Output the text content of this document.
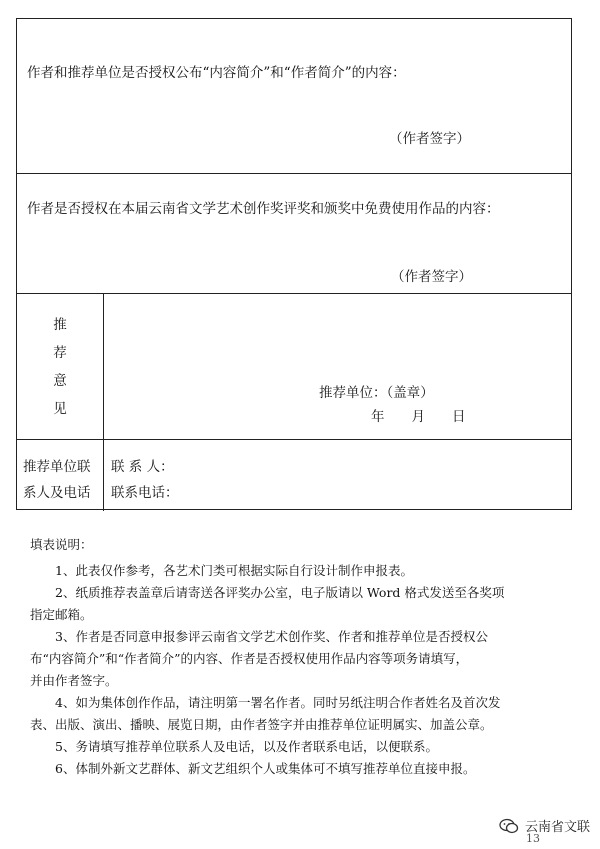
作者和推荐单位是否授权公布“内容简介”和“作者简介”的内容：
（作者签字）
作者是否授权在本届云南省文学艺术创作奖评奖和颁奖中免费使用作品的内容：
（作者签字）
推
荐
意
见
推荐单位：（盖章）
年　　月　　日
推荐单位联
系人及电话
联 系 人：
联系电话：
填表说明：

1、此表仅作参考，各艺术门类可根据实际自行设计制作申报表。

2、纸质推荐表盖章后请寄送各评奖办公室，电子版请以 Word 格式发送至各奖项

指定邮箱。

3、作者是否同意申报参评云南省文学艺术创作奖、作者和推荐单位是否授权公

布“内容简介”和“作者简介”的内容、作者是否授权使用作品内容等项务请填写，

并由作者签字。

4、如为集体创作作品，请注明第一署名作者。同时另纸注明合作者姓名及首次发

表、出版、演出、播映、展览日期，由作者签字并由推荐单位证明属实、加盖公章。

5、务请填写推荐单位联系人及电话，以及作者联系电话，以便联系。

6、体制外新文艺群体、新文艺组织个人或集体可不填写推荐单位直接申报。

云南省文联
13
